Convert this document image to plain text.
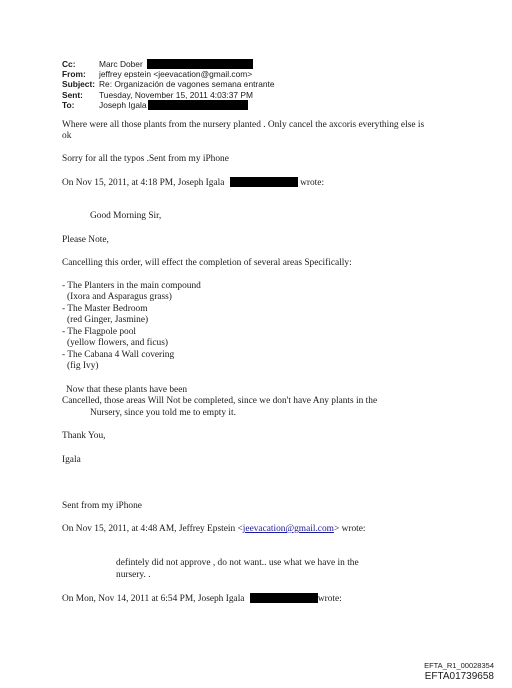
Cc:	Marc Dober
From:	jeffrey epstein <jeevacation@gmail.com>
Subject: Re: Organización de vagones semana entrante
Sent:	Tuesday, November 15, 2011 4:03:37 PM
To:	Joseph Igala
Where were all those plants from the nursery planted . Only cancel the axcoris everything else is
ok
Sorry for all the typos .Sent from my iPhone
On Nov 15, 2011, at 4:18 PM, Joseph Igala	wrote:
Good Morning Sir,
Please Note,
Cancelling this order, will effect the completion of several areas Specifically:
- The Planters in the main compound
(Ixora and Asparagus grass)
- The Master Bedroom
(red Ginger, Jasmine)
- The Flagpole pool
(yellow flowers, and ficus)
- The Cabana 4 Wall covering
(fig Ivy)
Now that these plants have been
Cancelled, those areas Will Not be completed, since we don't have Any plants in the
Nursery, since you told me to empty it.
Thank You,
Igala
Sent from my iPhone
On Nov 15, 2011, at 4:48 AM, Jeffrey Epstein <jeevacation@gmail.com> wrote:
defintely did not approve , do not want.. use what we have in the
nursery. .
On Mon, Nov 14, 2011 at 6:54 PM, Joseph Igala	wrote:
EFTA_R1_00028354
EFTA01739658
